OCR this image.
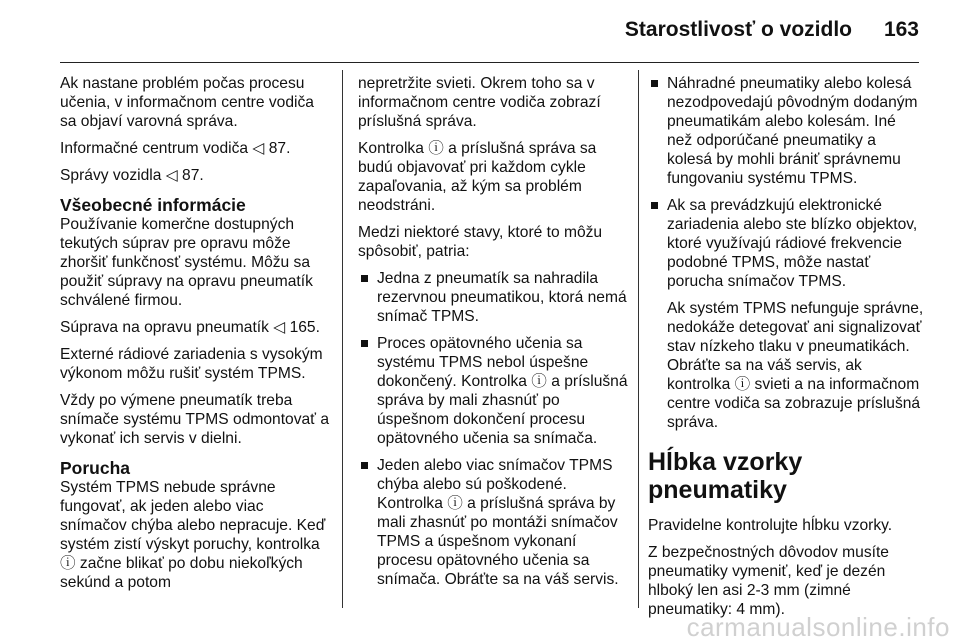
Starostlivosť o vozidlo 163

Ak nastane problém počas procesu učenia, v informačnom centre vodiča sa objaví varovná správa.

Informačné centrum vodiča ◁ 87.

Správy vozidla ◁ 87.

Všeobecné informácie

Používanie komerčne dostupných tekutých súprav pre opravu môže zhoršiť funkčnosť systému. Môžu sa použiť súpravy na opravu pneumatík schválené firmou.

Súprava na opravu pneumatík ◁ 165.

Externé rádiové zariadenia s vysokým výkonom môžu rušiť systém TPMS.

Vždy po výmene pneumatík treba snímače systému TPMS odmontovať a vykonať ich servis v dielni.

Porucha

Systém TPMS nebude správne fungovať, ak jeden alebo viac snímačov chýba alebo nepracuje. Keď systém zistí výskyt poruchy, kontrolka ⓘ začne blikať po dobu niekoľkých sekúnd a potom

nepretržite svieti. Okrem toho sa v informačnom centre vodiča zobrazí príslušná správa.

Kontrolka ⓘ a príslušná správa sa budú objavovať pri každom cykle zapaľovania, až kým sa problém neodstráni.

Medzi niektoré stavy, ktoré to môžu spôsobiť, patria:

Jedna z pneumatík sa nahradila rezervnou pneumatikou, ktorá nemá snímač TPMS.
Proces opätovného učenia sa systému TPMS nebol úspešne dokončený. Kontrolka ⓘ a príslušná správa by mali zhasnúť po úspešnom dokončení procesu opätovného učenia sa snímača.
Jeden alebo viac snímačov TPMS chýba alebo sú poškodené. Kontrolka ⓘ a príslušná správa by mali zhasnúť po montáži snímačov TPMS a úspešnom vykonaní procesu opätovného učenia sa snímača. Obráťte sa na váš servis.
Náhradné pneumatiky alebo kolesá nezodpovedajú pôvodným dodaným pneumatikám alebo kolesám. Iné než odporúčané pneumatiky a kolesá by mohli brániť správnemu fungovaniu systému TPMS.
Ak sa prevádzkujú elektronické zariadenia alebo ste blízko objektov, ktoré využívajú rádiové frekvencie podobné TPMS, môže nastať porucha snímačov TPMS.

Ak systém TPMS nefunguje správne, nedokáže detegovať ani signalizovať stav nízkeho tlaku v pneumatikách. Obráťte sa na váš servis, ak kontrolka ⓘ svieti a na informačnom centre vodiča sa zobrazuje príslušná správa.

Hĺbka vzorky pneumatiky

Pravidelne kontrolujte hĺbku vzorky.

Z bezpečnostných dôvodov musíte pneumatiky vymeniť, keď je dezén hlboký len asi 2-3 mm (zimné pneumatiky: 4 mm).

carmanualsonline.info
